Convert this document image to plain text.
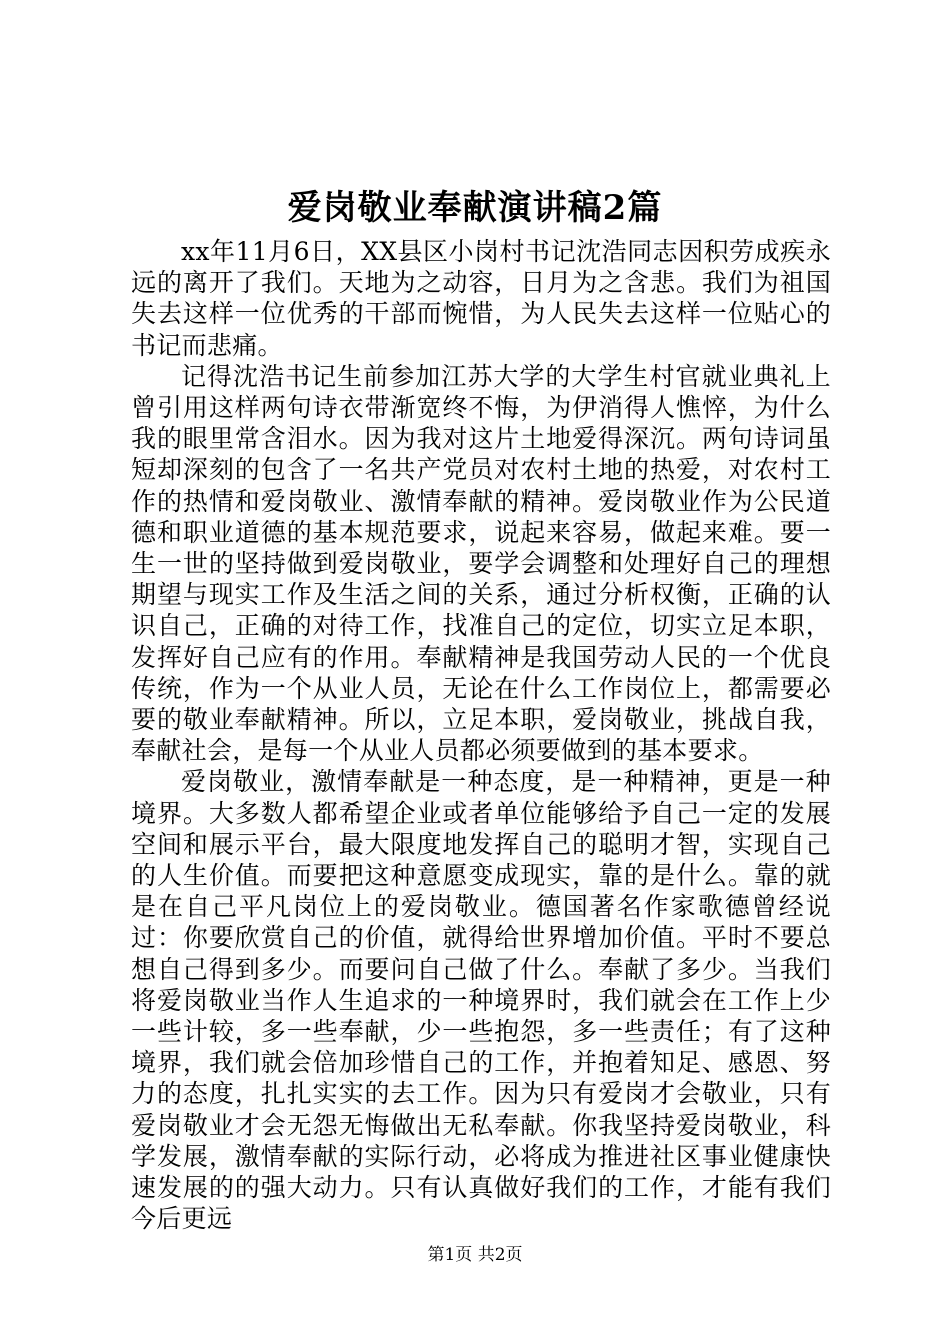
爱岗敬业奉献演讲稿2篇

xx年11月6日，XX县区小岗村书记沈浩同志因积劳成疾永远的离开了我们。天地为之动容，日月为之含悲。我们为祖国失去这样一位优秀的干部而惋惜，为人民失去这样一位贴心的书记而悲痛。

记得沈浩书记生前参加江苏大学的大学生村官就业典礼上曾引用这样两句诗衣带渐宽终不悔，为伊消得人憔悴，为什么我的眼里常含泪水。因为我对这片土地爱得深沉。两句诗词虽短却深刻的包含了一名共产党员对农村土地的热爱，对农村工作的热情和爱岗敬业、激情奉献的精神。爱岗敬业作为公民道德和职业道德的基本规范要求，说起来容易，做起来难。要一生一世的坚持做到爱岗敬业，要学会调整和处理好自己的理想期望与现实工作及生活之间的关系，通过分析权衡，正确的认识自己，正确的对待工作，找准自己的定位，切实立足本职，发挥好自己应有的作用。奉献精神是我国劳动人民的一个优良传统，作为一个从业人员，无论在什么工作岗位上，都需要必要的敬业奉献精神。所以，立足本职，爱岗敬业，挑战自我，奉献社会，是每一个从业人员都必须要做到的基本要求。

爱岗敬业，激情奉献是一种态度，是一种精神，更是一种境界。大多数人都希望企业或者单位能够给予自己一定的发展空间和展示平台，最大限度地发挥自己的聪明才智，实现自己的人生价值。而要把这种意愿变成现实，靠的是什么。靠的就是在自己平凡岗位上的爱岗敬业。德国著名作家歌德曾经说过：你要欣赏自己的价值，就得给世界增加价值。平时不要总想自己得到多少。而要问自己做了什么。奉献了多少。当我们将爱岗敬业当作人生追求的一种境界时，我们就会在工作上少一些计较，多一些奉献，少一些抱怨，多一些责任；有了这种境界，我们就会倍加珍惜自己的工作，并抱着知足、感恩、努力的态度，扎扎实实的去工作。因为只有爱岗才会敬业，只有爱岗敬业才会无怨无悔做出无私奉献。你我坚持爱岗敬业，科学发展，激情奉献的实际行动，必将成为推进社区事业健康快速发展的的强大动力。只有认真做好我们的工作，才能有我们今后更远

第1页 共2页
